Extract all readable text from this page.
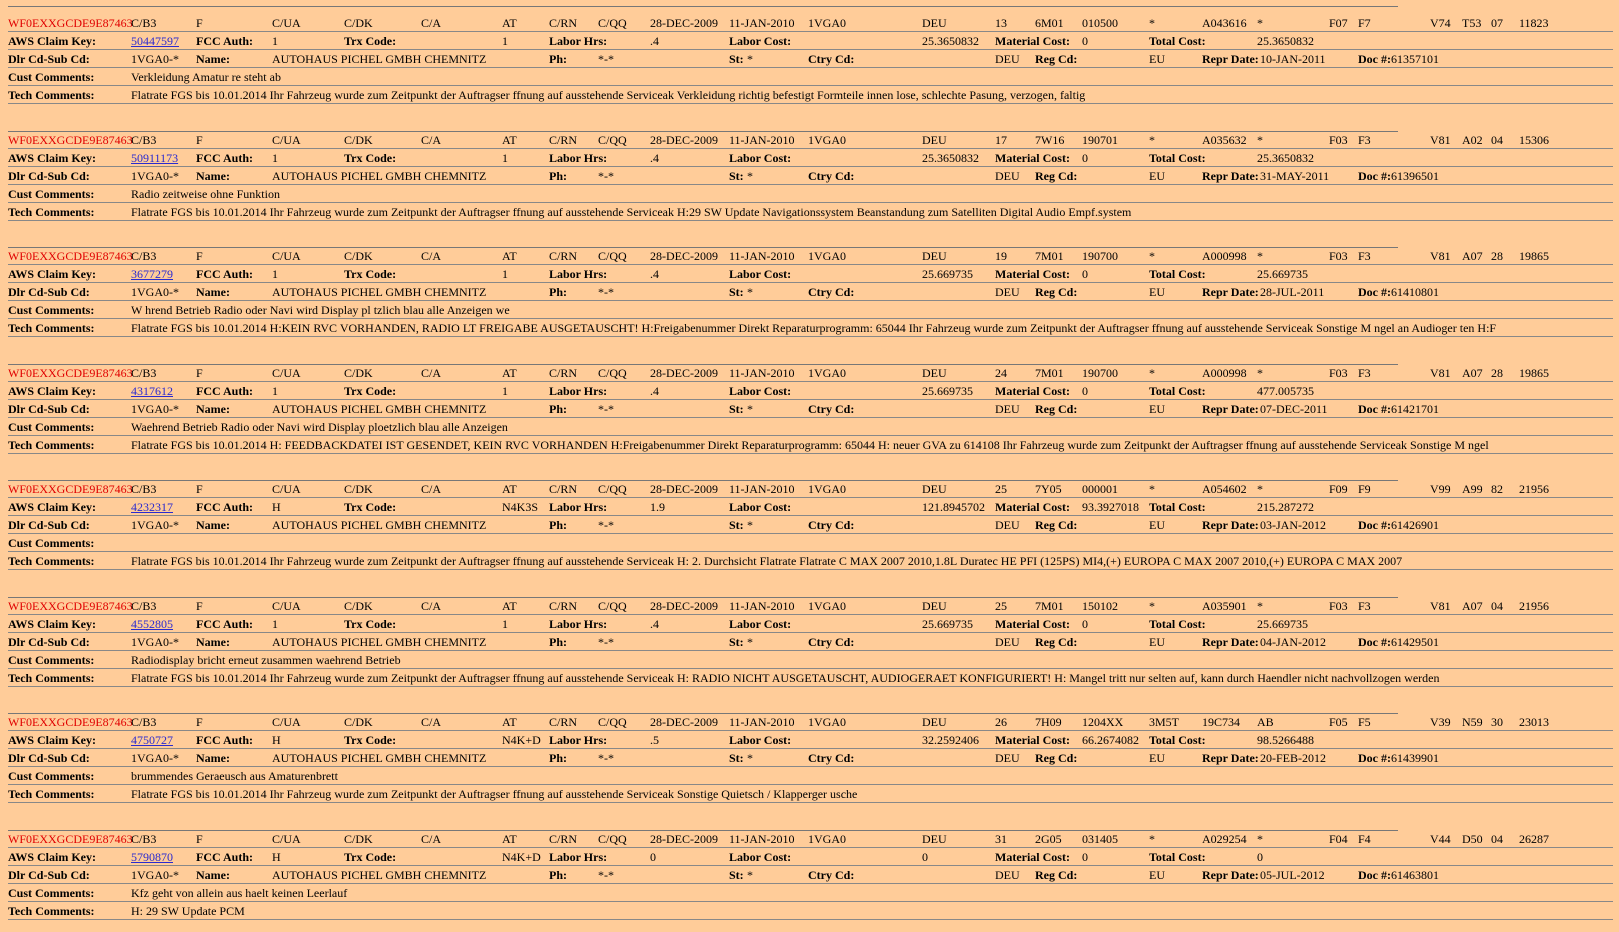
WF0EXXGCDE9E87463
C/B3	F	C/UA	C/DK	C/A	AT	C/RN C/QQ 28-DEC-2009 11-JAN-2010 1VGA0	DEU	13 6M01 010500	*	A043616 *	F07 F7	V74 T53 07 11823
AWS Claim Key:	50447597 FCC Auth: 1	Trx Code:	1	Labor Hrs:	.4	Labor Cost:	25.3650832 Material Cost: 0	Total Cost:	25.3650832
Dlr Cd-Sub Cd:	1VGA0-* Name:	AUTOHAUS PICHEL GMBH CHEMNITZ	Ph:	*-*	St: *	Ctry Cd:	DEU Reg Cd:	EU	Repr Date: 10-JAN-2011	Doc #: 61357101
Cust Comments:	Verkleidung Amatur re steht ab
Tech Comments:	Flatrate FGS bis 10.01.2014 Ihr Fahrzeug wurde zum Zeitpunkt der Auftragser ffnung auf ausstehende Serviceak Verkleidung richtig befestigt Formteile innen lose, schlechte Pasung, verzogen, faltig
WF0EXXGCDE9E87463
C/B3	F	C/UA	C/DK	C/A	AT	C/RN C/QQ 28-DEC-2009 11-JAN-2010 1VGA0	DEU	17 7W16 190701	*	A035632 *	F03 F3	V81 A02 04 15306
AWS Claim Key:	50911173 FCC Auth: 1	Trx Code:	1	Labor Hrs:	.4	Labor Cost:	25.3650832 Material Cost: 0	Total Cost:	25.3650832
Dlr Cd-Sub Cd:	1VGA0-* Name:	AUTOHAUS PICHEL GMBH CHEMNITZ	Ph:	*-*	St: *	Ctry Cd:	DEU Reg Cd:	EU	Repr Date: 31-MAY-2011 Doc #: 61396501
Cust Comments:	Radio zeitweise ohne Funktion
Tech Comments:	Flatrate FGS bis 10.01.2014 Ihr Fahrzeug wurde zum Zeitpunkt der Auftragser ffnung auf ausstehende Serviceak H:29 SW Update Navigationssystem Beanstandung zum Satelliten Digital Audio Empf.system
WF0EXXGCDE9E87463
C/B3	F	C/UA	C/DK	C/A	AT	C/RN C/QQ 28-DEC-2009 11-JAN-2010 1VGA0	DEU	19 7M01 190700	*	A000998 *	F03 F3	V81 A07 28 19865
AWS Claim Key:	3677279 FCC Auth: 1	Trx Code:	1	Labor Hrs:	.4	Labor Cost:	25.669735 Material Cost: 0	Total Cost:	25.669735
Dlr Cd-Sub Cd:	1VGA0-* Name:	AUTOHAUS PICHEL GMBH CHEMNITZ	Ph:	*-*	St: *	Ctry Cd:	DEU Reg Cd:	EU	Repr Date: 28-JUL-2011	Doc #: 61410801
Cust Comments:	W hrend Betrieb Radio oder Navi wird Display pl tzlich blau alle Anzeigen we
Tech Comments:	Flatrate FGS bis 10.01.2014 H:KEIN RVC VORHANDEN, RADIO LT FREIGABE AUSGETAUSCHT! H:Freigabenummer Direkt Reparaturprogramm: 65044 Ihr Fahrzeug wurde zum Zeitpunkt der Auftragser ffnung auf ausstehende Serviceak Sonstige M ngel an Audioger ten H:F
WF0EXXGCDE9E87463
C/B3	F	C/UA	C/DK	C/A	AT	C/RN C/QQ 28-DEC-2009 11-JAN-2010 1VGA0	DEU	24 7M01 190700	*	A000998 *	F03 F3	V81 A07 28 19865
AWS Claim Key:	4317612 FCC Auth: 1	Trx Code:	1	Labor Hrs:	.4	Labor Cost:	25.669735 Material Cost: 0	Total Cost:	477.005735
Dlr Cd-Sub Cd:	1VGA0-* Name:	AUTOHAUS PICHEL GMBH CHEMNITZ	Ph:	*-*	St: *	Ctry Cd:	DEU Reg Cd:	EU	Repr Date: 07-DEC-2011	Doc #: 61421701
Cust Comments:	Waehrend Betrieb Radio oder Navi wird Display ploetzlich blau alle Anzeigen
Tech Comments:	Flatrate FGS bis 10.01.2014 H: FEEDBACKDATEI IST GESENDET, KEIN RVC VORHANDEN H:Freigabenummer Direkt Reparaturprogramm: 65044 H: neuer GVA zu 614108 Ihr Fahrzeug wurde zum Zeitpunkt der Auftragser ffnung auf ausstehende Serviceak Sonstige M ngel
WF0EXXGCDE9E87463
C/B3	F	C/UA	C/DK	C/A	AT	C/RN C/QQ 28-DEC-2009 11-JAN-2010 1VGA0	DEU	25 7Y05 000001	*	A054602 *	F09 F9	V99 A99 82 21956
AWS Claim Key:	4232317 FCC Auth: H	Trx Code:	N4K3S Labor Hrs:	1.9	Labor Cost:	121.8945702 Material Cost: 93.3927018 Total Cost:	215.287272
Dlr Cd-Sub Cd:	1VGA0-* Name:	AUTOHAUS PICHEL GMBH CHEMNITZ	Ph:	*-*	St: *	Ctry Cd:	DEU Reg Cd:	EU	Repr Date: 03-JAN-2012	Doc #: 61426901
Cust Comments:
Tech Comments:	Flatrate FGS bis 10.01.2014 Ihr Fahrzeug wurde zum Zeitpunkt der Auftragser ffnung auf ausstehende Serviceak H: 2. Durchsicht Flatrate Flatrate C MAX 2007 2010,1.8L Duratec HE PFI (125PS) MI4,(+) EUROPA C MAX 2007 2010,(+) EUROPA C MAX 2007
WF0EXXGCDE9E87463
C/B3	F	C/UA	C/DK	C/A	AT	C/RN C/QQ 28-DEC-2009 11-JAN-2010 1VGA0	DEU	25 7M01 150102	*	A035901 *	F03 F3	V81 A07 04 21956
AWS Claim Key:	4552805 FCC Auth: 1	Trx Code:	1	Labor Hrs:	.4	Labor Cost:	25.669735 Material Cost: 0	Total Cost:	25.669735
Dlr Cd-Sub Cd:	1VGA0-* Name:	AUTOHAUS PICHEL GMBH CHEMNITZ	Ph:	*-*	St: *	Ctry Cd:	DEU Reg Cd:	EU	Repr Date: 04-JAN-2012	Doc #: 61429501
Cust Comments:	Radiodisplay bricht erneut zusammen waehrend Betrieb
Tech Comments:	Flatrate FGS bis 10.01.2014 Ihr Fahrzeug wurde zum Zeitpunkt der Auftragser ffnung auf ausstehende Serviceak H: RADIO NICHT AUSGETAUSCHT, AUDIOGERAET KONFIGURIERT! H: Mangel tritt nur selten auf, kann durch Haendler nicht nachvollzogen werden
WF0EXXGCDE9E87463
C/B3	F	C/UA	C/DK	C/A	AT	C/RN C/QQ 28-DEC-2009 11-JAN-2010 1VGA0	DEU	26 7H09 1204XX 3M5T 19C734 AB	F05 F5	V39 N59 30 23013
AWS Claim Key:	4750727 FCC Auth: H	Trx Code:	N4K+D Labor Hrs:	.5	Labor Cost:	32.2592406 Material Cost: 66.2674082 Total Cost:	98.5266488
Dlr Cd-Sub Cd:	1VGA0-* Name:	AUTOHAUS PICHEL GMBH CHEMNITZ	Ph:	*-*	St: *	Ctry Cd:	DEU Reg Cd:	EU	Repr Date: 20-FEB-2012	Doc #: 61439901
Cust Comments:	brummendes Geraeusch aus Amaturenbrett
Tech Comments:	Flatrate FGS bis 10.01.2014 Ihr Fahrzeug wurde zum Zeitpunkt der Auftragser ffnung auf ausstehende Serviceak Sonstige Quietsch / Klapperger usche
WF0EXXGCDE9E87463
C/B3	F	C/UA	C/DK	C/A	AT	C/RN C/QQ 28-DEC-2009 11-JAN-2010 1VGA0	DEU	31 2G05 031405	*	A029254 *	F04 F4	V44 D50 04 26287
AWS Claim Key:	5790870 FCC Auth: H	Trx Code:	N4K+D Labor Hrs:	0	Labor Cost:	0	Material Cost: 0	Total Cost:	0
Dlr Cd-Sub Cd:	1VGA0-* Name:	AUTOHAUS PICHEL GMBH CHEMNITZ	Ph:	*-*	St: *	Ctry Cd:	DEU Reg Cd:	EU	Repr Date: 05-JUL-2012	Doc #: 61463801
Cust Comments:	Kfz geht von allein aus haelt keinen Leerlauf
Tech Comments:	H: 29 SW Update PCM
